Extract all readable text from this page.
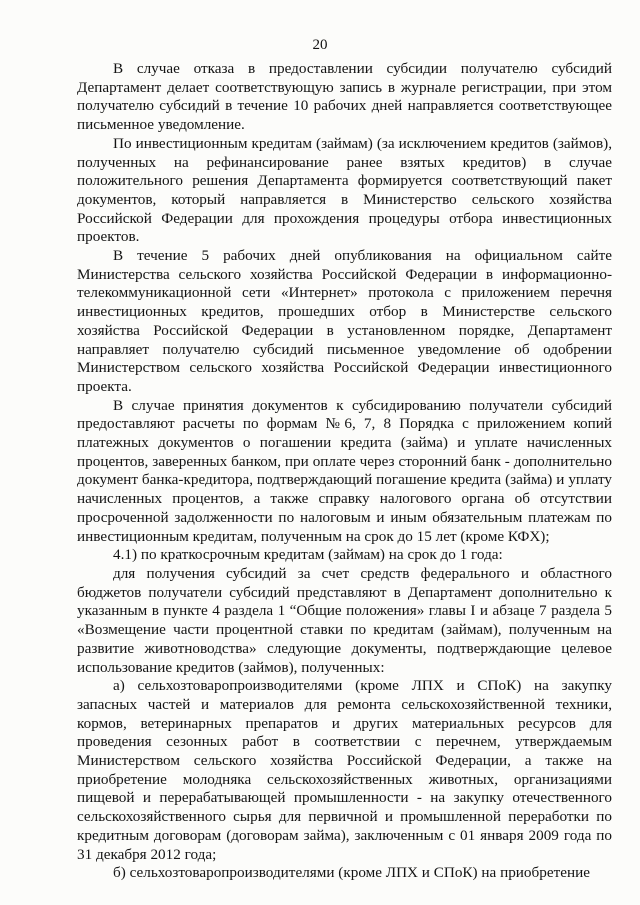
20

В случае отказа в предоставлении субсидии получателю субсидий Департамент делает соответствующую запись в журнале регистрации, при этом получателю субсидий в течение 10 рабочих дней направляется соответствующее письменное уведомление.

По инвестиционным кредитам (займам) (за исключением кредитов (займов), полученных на рефинансирование ранее взятых кредитов) в случае положительного решения Департамента формируется соответствующий пакет документов, который направляется в Министерство сельского хозяйства Российской Федерации для прохождения процедуры отбора инвестиционных проектов.

В течение 5 рабочих дней опубликования на официальном сайте Министерства сельского хозяйства Российской Федерации в информационно-телекоммуникационной сети «Интернет» протокола с приложением перечня инвестиционных кредитов, прошедших отбор в Министерстве сельского хозяйства Российской Федерации в установленном порядке, Департамент направляет получателю субсидий письменное уведомление об одобрении Министерством сельского хозяйства Российской Федерации инвестиционного проекта.

В случае принятия документов к субсидированию получатели субсидий предоставляют расчеты по формам №6, 7, 8 Порядка с приложением копий платежных документов о погашении кредита (займа) и уплате начисленных процентов, заверенных банком, при оплате через сторонний банк - дополнительно документ банка-кредитора, подтверждающий погашение кредита (займа) и уплату начисленных процентов, а также справку налогового органа об отсутствии просроченной задолженности по налоговым и иным обязательным платежам по инвестиционным кредитам, полученным на срок до 15 лет (кроме КФХ);

4.1) по краткосрочным кредитам (займам) на срок до 1 года:

для получения субсидий за счет средств федерального и областного бюджетов получатели субсидий представляют в Департамент дополнительно к указанным в пункте 4 раздела 1 “Общие положения» главы I и абзаце 7 раздела 5 «Возмещение части процентной ставки по кредитам (займам), полученным на развитие животноводства» следующие документы, подтверждающие целевое использование кредитов (займов), полученных:

а) сельхозтоваропроизводителями (кроме ЛПХ и СПоК) на закупку запасных частей и материалов для ремонта сельскохозяйственной техники, кормов, ветеринарных препаратов и других материальных ресурсов для проведения сезонных работ в соответствии с перечнем, утверждаемым Министерством сельского хозяйства Российской Федерации, а также на приобретение молодняка сельскохозяйственных животных, организациями пищевой и перерабатывающей промышленности - на закупку отечественного сельскохозяйственного сырья для первичной и промышленной переработки по кредитным договорам (договорам займа), заключенным с 01 января 2009 года по 31 декабря 2012 года;

б) сельхозтоваропроизводителями (кроме ЛПХ и СПоК) на приобретение
